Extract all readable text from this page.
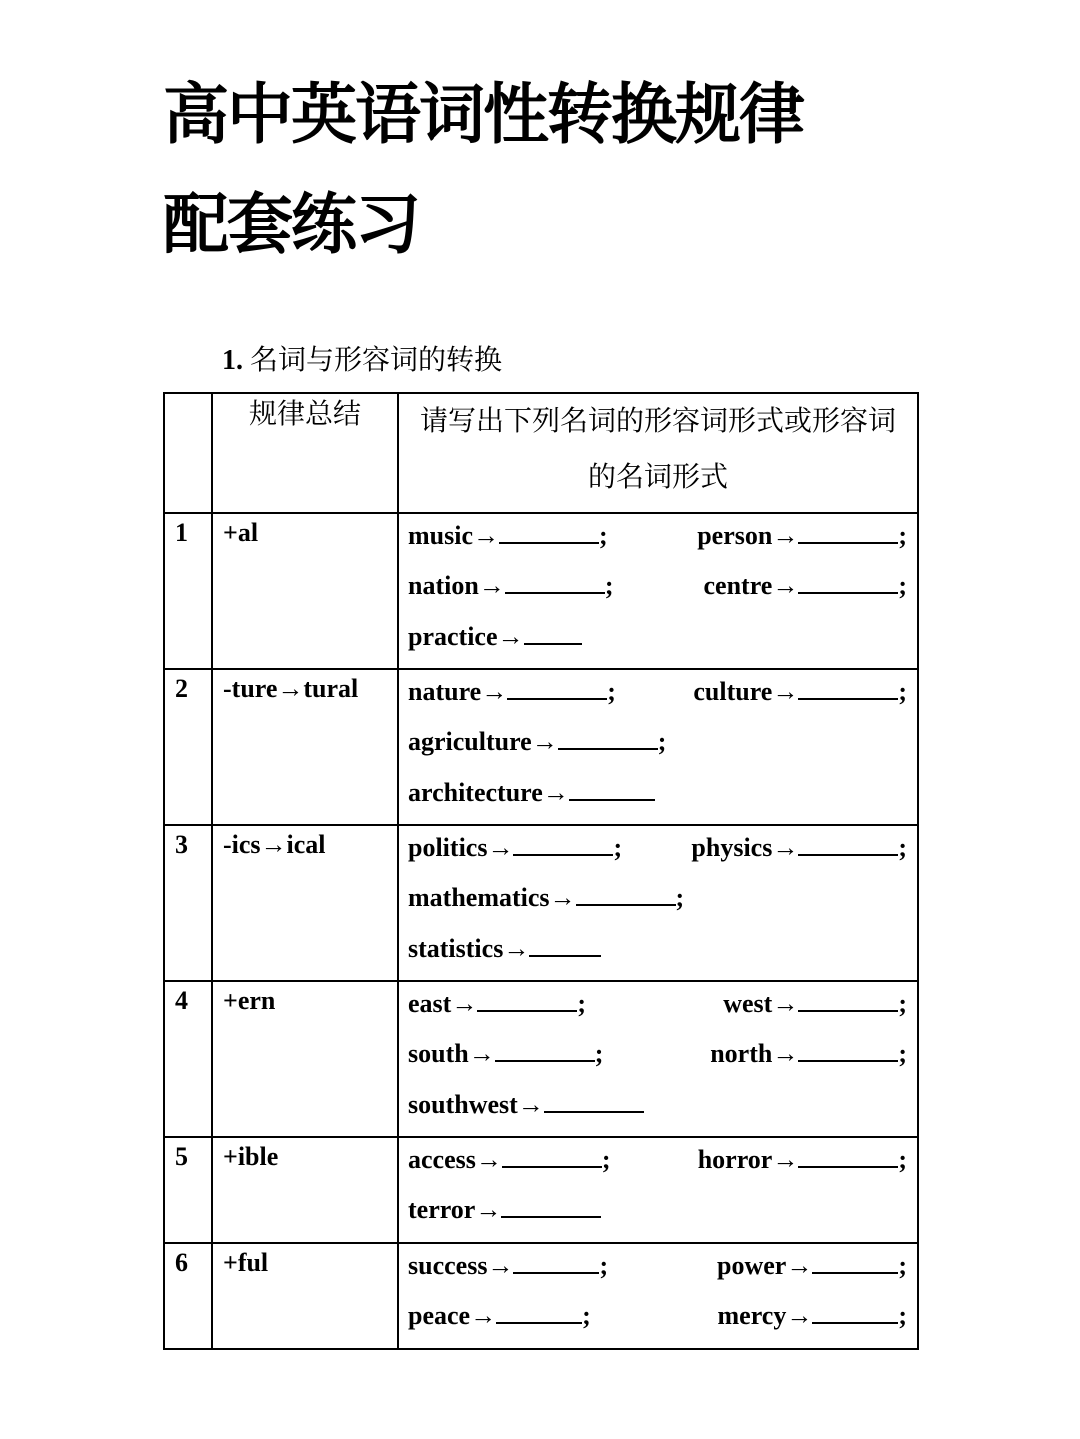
高中英语词性转换规律
配套练习
1. 名词与形容词的转换
	规律总结	请写出下列名词的形容词形式或形容词的名词形式
1	+al	music→ ; person→ ;
nation→ ; centre→ ;
practice→

2	-ture→tural	nature→ ; culture→ ;
agriculture→ ;
architecture→

3	-ics→ical	politics→ ; physics→ ;
mathematics→ ;
statistics→

4	+ern	east→ ; west→ ;
south→ ; north→ ;
southwest→

5	+ible	access→ ; horror→ ;
terror→

6	+ful	success→ ; power→ ;
peace→ ; mercy→ ;
